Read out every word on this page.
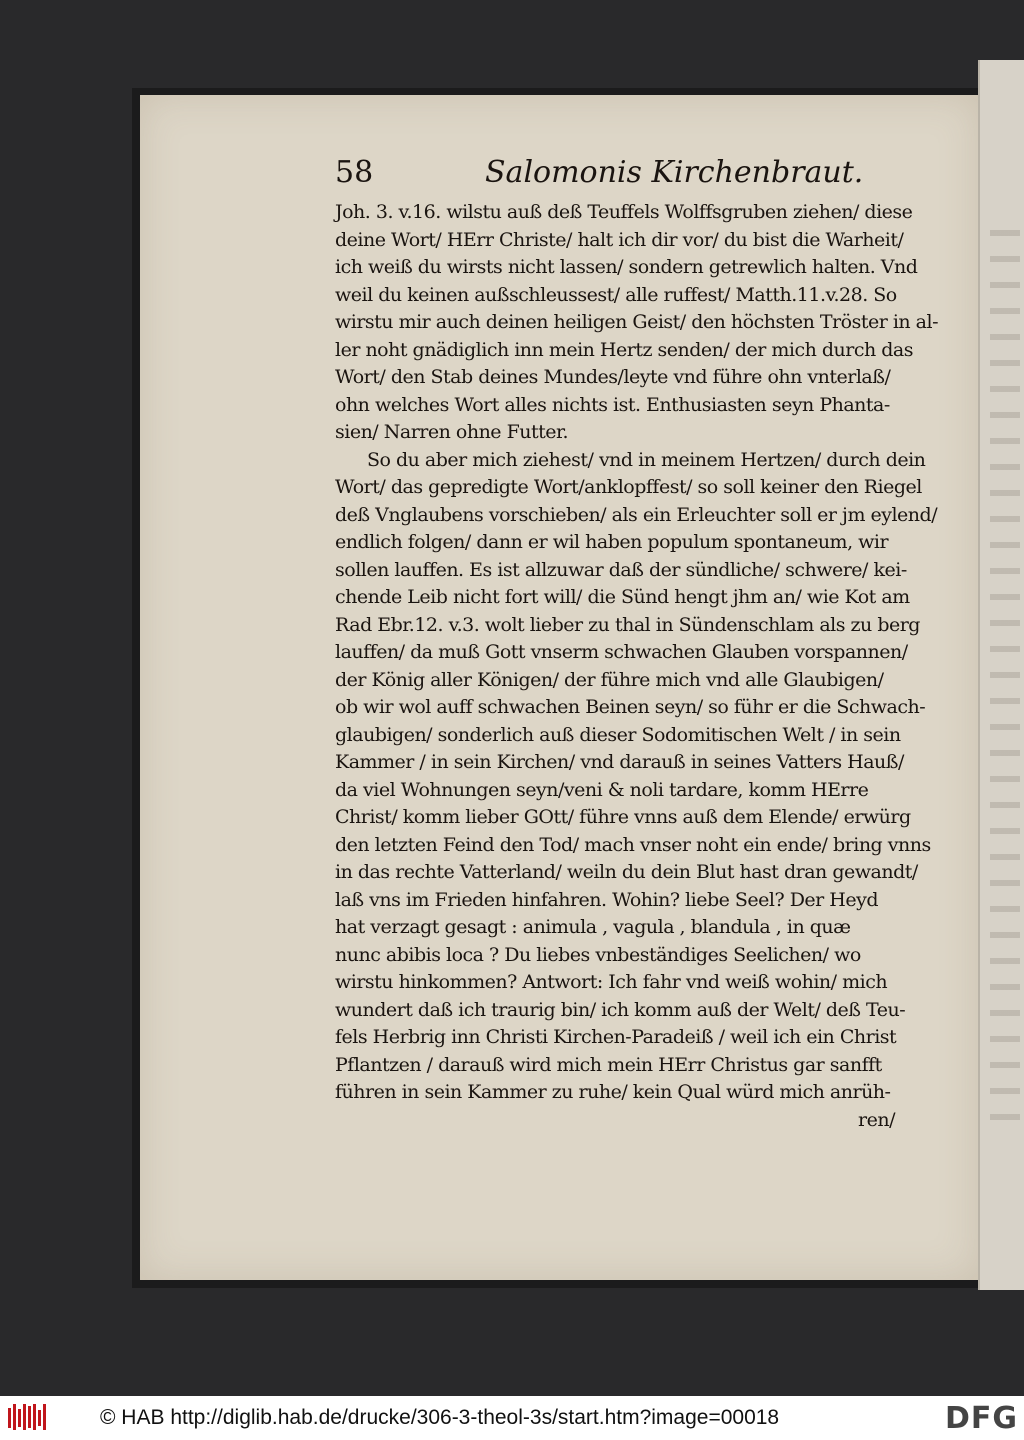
58	Salomonis Kirchenbraut.
Joh. 3. v.16. wilstu auß deß Teuffels Wolffsgruben ziehen/ diese
deine Wort/ HErr Christe/ halt ich dir vor/ du bist die Warheit/
ich weiß du wirsts nicht lassen/ sondern getrewlich halten. Vnd
weil du keinen außschleussest/ alle ruffest/ Matth.11.v.28. So
wirstu mir auch deinen heiligen Geist/ den höchsten Tröster in al-
ler noht gnädiglich inn mein Hertz senden/ der mich durch das
Wort/ den Stab deines Mundes/leyte vnd führe ohn vnterlaß/
ohn welches Wort alles nichts ist. Enthusiasten seyn Phanta-
sien/ Narren ohne Futter.
So du aber mich ziehest/ vnd in meinem Hertzen/ durch dein
Wort/ das gepredigte Wort/anklopffest/ so soll keiner den Riegel
deß Vnglaubens vorschieben/ als ein Erleuchter soll er jm eylend/
endlich folgen/ dann er wil haben populum spontaneum, wir
sollen lauffen. Es ist allzuwar daß der sündliche/ schwere/ kei-
chende Leib nicht fort will/ die Sünd hengt jhm an/ wie Kot am
Rad Ebr.12. v.3. wolt lieber zu thal in Sündenschlam als zu berg
lauffen/ da muß Gott vnserm schwachen Glauben vorspannen/
der König aller Königen/ der führe mich vnd alle Glaubigen/
ob wir wol auff schwachen Beinen seyn/ so führ er die Schwach-
glaubigen/ sonderlich auß dieser Sodomitischen Welt / in sein
Kammer / in sein Kirchen/ vnd darauß in seines Vatters Hauß/
da viel Wohnungen seyn/veni & noli tardare, komm HErre
Christ/ komm lieber GOtt/ führe vnns auß dem Elende/ erwürg
den letzten Feind den Tod/ mach vnser noht ein ende/ bring vnns
in das rechte Vatterland/ weiln du dein Blut hast dran gewandt/
laß vns im Frieden hinfahren. Wohin? liebe Seel? Der Heyd
hat verzagt gesagt : animula , vagula , blandula , in quæ
nunc abibis loca ? Du liebes vnbeständiges Seelichen/ wo
wirstu hinkommen? Antwort: Ich fahr vnd weiß wohin/ mich
wundert daß ich traurig bin/ ich komm auß der Welt/ deß Teu-
fels Herbrig inn Christi Kirchen-Paradeiß / weil ich ein Christ
Pflantzen / darauß wird mich mein HErr Christus gar sanfft
führen in sein Kammer zu ruhe/ kein Qual würd mich anrüh-
ren/
© HAB http://diglib.hab.de/drucke/306-3-theol-3s/start.htm?image=00018	DFG
